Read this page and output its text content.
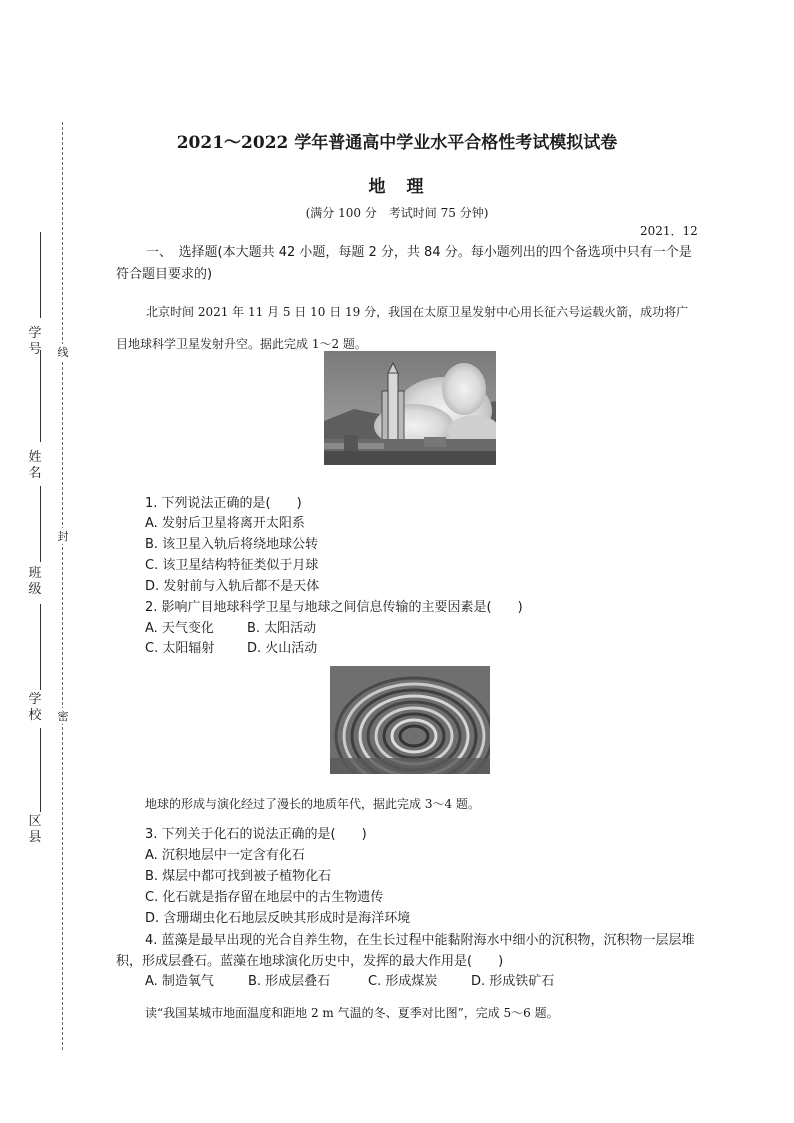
学号
姓名
班级
学校
区县
线
封
密
2021～2022 学年普通高中学业水平合格性考试模拟试卷
地　理
(满分 100 分　考试时间 75 分钟)
2021．12
一、　选择题(本大题共 42 小题，每题 2 分，共 84 分。每小题列出的四个备选项中只有一个是符合题目要求的)
北京时间 2021 年 11 月 5 日 10 日 19 分，我国在太原卫星发射中心用长征六号运载火箭，成功将广目地球科学卫星发射升空。据此完成 1～2 题。
1. 下列说法正确的是(　　)
A. 发射后卫星将离开太阳系
B. 该卫星入轨后将绕地球公转
C. 该卫星结构特征类似于月球
D. 发射前与入轨后都不是天体
2. 影响广目地球科学卫星与地球之间信息传输的主要因素是(　　)
A. 天气变化	B. 太阳活动
C. 太阳辐射	D. 火山活动
地球的形成与演化经过了漫长的地质年代，据此完成 3～4 题。
3. 下列关于化石的说法正确的是(　　)
A. 沉积地层中一定含有化石
B. 煤层中都可找到被子植物化石
C. 化石就是指存留在地层中的古生物遗传
D. 含珊瑚虫化石地层反映其形成时是海洋环境
4. 蓝藻是最早出现的光合自养生物，在生长过程中能黏附海水中细小的沉积物，沉积物一层层堆积，形成层叠石。蓝藻在地球演化历史中，发挥的最大作用是(　　)
A. 制造氧气	B. 形成层叠石	C. 形成煤炭	D. 形成铁矿石
读“我国某城市地面温度和距地 2 m 气温的冬、夏季对比图”，完成 5～6 题。
